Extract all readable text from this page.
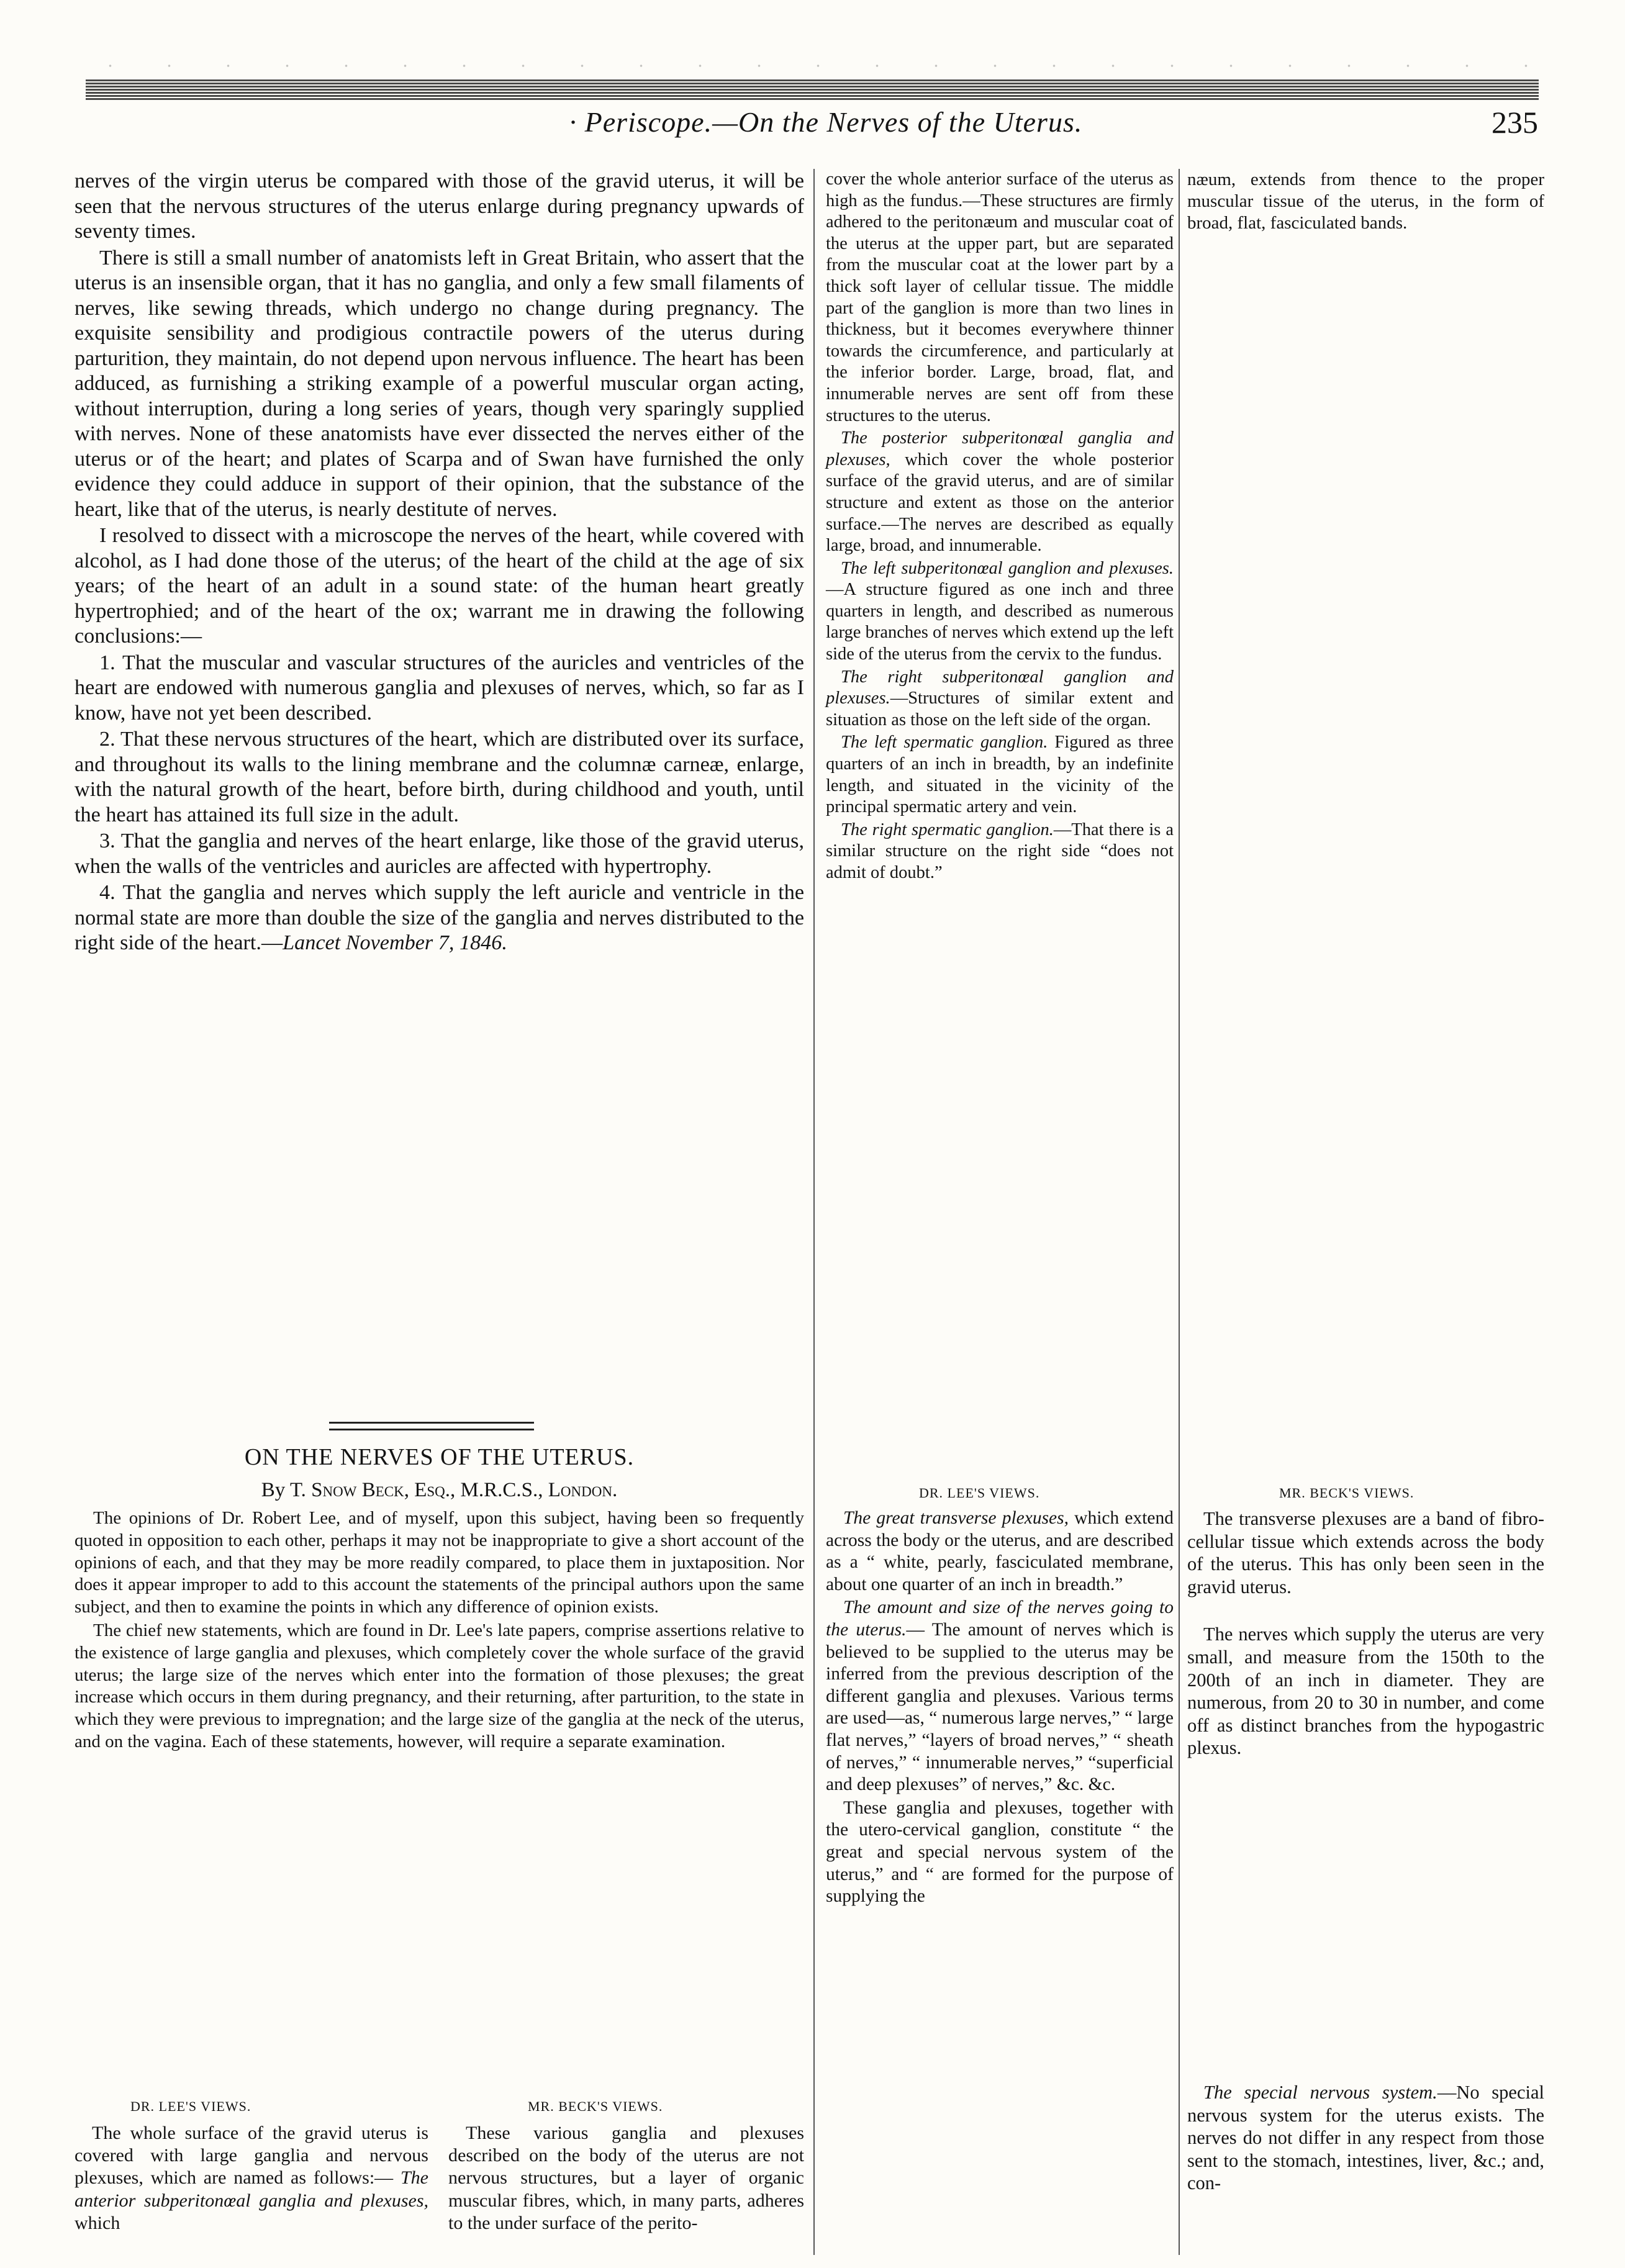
· Periscope.—On the Nerves of the Uterus.	235

nerves of the virgin uterus be compared with those of the gravid uterus, it will be seen that the nervous structures of the uterus enlarge during pregnancy upwards of seventy times.

There is still a small number of anatomists left in Great Britain, who assert that the uterus is an insensible organ, that it has no ganglia, and only a few small filaments of nerves, like sewing threads, which undergo no change during pregnancy. The exquisite sensibility and prodigious contractile powers of the uterus during parturition, they maintain, do not depend upon nervous influence. The heart has been adduced, as furnishing a striking example of a powerful muscular organ acting, without interruption, during a long series of years, though very sparingly supplied with nerves. None of these anatomists have ever dissected the nerves either of the uterus or of the heart; and plates of Scarpa and of Swan have furnished the only evidence they could adduce in support of their opinion, that the substance of the heart, like that of the uterus, is nearly destitute of nerves.

I resolved to dissect with a microscope the nerves of the heart, while covered with alcohol, as I had done those of the uterus; of the heart of the child at the age of six years; of the heart of an adult in a sound state: of the human heart greatly hypertrophied; and of the heart of the ox; warrant me in drawing the following conclusions:—

1. That the muscular and vascular structures of the auricles and ventricles of the heart are endowed with numerous ganglia and plexuses of nerves, which, so far as I know, have not yet been described.

2. That these nervous structures of the heart, which are distributed over its surface, and throughout its walls to the lining membrane and the columnæ carneæ, enlarge, with the natural growth of the heart, before birth, during childhood and youth, until the heart has attained its full size in the adult.

3. That the ganglia and nerves of the heart enlarge, like those of the gravid uterus, when the walls of the ventricles and auricles are affected with hypertrophy.

4. That the ganglia and nerves which supply the left auricle and ventricle in the normal state are more than double the size of the ganglia and nerves distributed to the right side of the heart.—Lancet November 7, 1846.

ON THE NERVES OF THE UTERUS.
By T. Snow Beck, Esq., M.R.C.S., London.

The opinions of Dr. Robert Lee, and of myself, upon this subject, having been so frequently quoted in opposition to each other, perhaps it may not be inappropriate to give a short account of the opinions of each, and that they may be more readily compared, to place them in juxtaposition. Nor does it appear improper to add to this account the statements of the principal authors upon the same subject, and then to examine the points in which any difference of opinion exists.

The chief new statements, which are found in Dr. Lee's late papers, comprise assertions relative to the existence of large ganglia and plexuses, which completely cover the whole surface of the gravid uterus; the large size of the nerves which enter into the formation of those plexuses; the great increase which occurs in them during pregnancy, and their returning, after parturition, to the state in which they were previous to impregnation; and the large size of the ganglia at the neck of the uterus, and on the vagina. Each of these statements, however, will require a separate examination.

DR. LEE'S VIEWS.	MR. BECK'S VIEWS.

The whole surface of the gravid uterus is covered with large ganglia and nervous plexuses, which are named as follows:— The anterior subperitonœal ganglia and plexuses, which

These various ganglia and plexuses described on the body of the uterus are not nervous structures, but a layer of organic muscular fibres, which, in many parts, adheres to the under surface of the perito-

cover the whole anterior surface of the uterus as high as the fundus.—These structures are firmly adhered to the peritonæum and muscular coat of the uterus at the upper part, but are separated from the muscular coat at the lower part by a thick soft layer of cellular tissue. The middle part of the ganglion is more than two lines in thickness, but it becomes everywhere thinner towards the circumference, and particularly at the inferior border. Large, broad, flat, and innumerable nerves are sent off from these structures to the uterus.

The posterior subperitonœal ganglia and plexuses, which cover the whole posterior surface of the gravid uterus, and are of similar structure and extent as those on the anterior surface.—The nerves are described as equally large, broad, and innumerable.

The left subperitonœal ganglion and plexuses.—A structure figured as one inch and three quarters in length, and described as numerous large branches of nerves which extend up the left side of the uterus from the cervix to the fundus.

The right subperitonœal ganglion and plexuses.—Structures of similar extent and situation as those on the left side of the organ.

The left spermatic ganglion. Figured as three quarters of an inch in breadth, by an indefinite length, and situated in the vicinity of the principal spermatic artery and vein.

The right spermatic ganglion.—That there is a similar structure on the right side “does not admit of doubt.”

næum, extends from thence to the proper muscular tissue of the uterus, in the form of broad, flat, fasciculated bands.

DR. LEE'S VIEWS.	MR. BECK'S VIEWS.

The great transverse plexuses, which extend across the body or the uterus, and are described as a “ white, pearly, fasciculated membrane, about one quarter of an inch in breadth.”

The amount and size of the nerves going to the uterus.— The amount of nerves which is believed to be supplied to the uterus may be inferred from the previous description of the different ganglia and plexuses. Various terms are used—as, “ numerous large nerves,” “ large flat nerves,” “layers of broad nerves,” “ sheath of nerves,” “ innumerable nerves,” “superficial and deep plexuses” of nerves,” &c. &c.

These ganglia and plexuses, together with the utero-cervical ganglion, constitute “ the great and special nervous system of the uterus,” and “ are formed for the purpose of supplying the

The transverse plexuses are a band of fibro-cellular tissue which extends across the body of the uterus. This has only been seen in the gravid uterus.

The nerves which supply the uterus are very small, and measure from the 150th to the 200th of an inch in diameter. They are numerous, from 20 to 30 in number, and come off as distinct branches from the hypogastric plexus.

The special nervous system.—No special nervous system for the uterus exists. The nerves do not differ in any respect from those sent to the stomach, intestines, liver, &c.; and, con-
